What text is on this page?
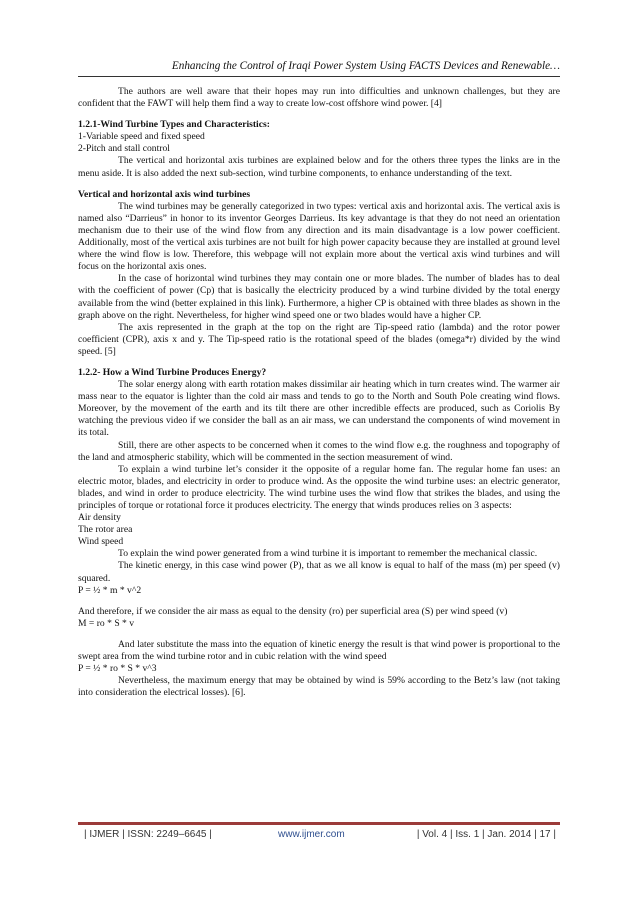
Enhancing the Control of Iraqi Power System Using FACTS Devices and Renewable…

The authors are well aware that their hopes may run into difficulties and unknown challenges, but they are confident that the FAWT will help them find a way to create low-cost offshore wind power. [4]

1.2.1-Wind Turbine Types and Characteristics:

1-Variable speed and fixed speed

2-Pitch and stall control

The vertical and horizontal axis turbines are explained below and for the others three types the links are in the menu aside. It is also added the next sub-section, wind turbine components, to enhance understanding of the text.

Vertical and horizontal axis wind turbines

The wind turbines may be generally categorized in two types: vertical axis and horizontal axis. The vertical axis is named also “Darrieus” in honor to its inventor Georges Darrieus. Its key advantage is that they do not need an orientation mechanism due to their use of the wind flow from any direction and its main disadvantage is a low power coefficient. Additionally, most of the vertical axis turbines are not built for high power capacity because they are installed at ground level where the wind flow is low. Therefore, this webpage will not explain more about the vertical axis wind turbines and will focus on the horizontal axis ones.

In the case of horizontal wind turbines they may contain one or more blades. The number of blades has to deal with the coefficient of power (Cp) that is basically the electricity produced by a wind turbine divided by the total energy available from the wind (better explained in this link). Furthermore, a higher CP is obtained with three blades as shown in the graph above on the right. Nevertheless, for higher wind speed one or two blades would have a higher CP.

The axis represented in the graph at the top on the right are Tip-speed ratio (lambda) and the rotor power coefficient (CPR), axis x and y. The Tip-speed ratio is the rotational speed of the blades (omega*r) divided by the wind speed. [5]

1.2.2- How a Wind Turbine Produces Energy?

The solar energy along with earth rotation makes dissimilar air heating which in turn creates wind. The warmer air mass near to the equator is lighter than the cold air mass and tends to go to the North and South Pole creating wind flows. Moreover, by the movement of the earth and its tilt there are other incredible effects are produced, such as Coriolis By watching the previous video if we consider the ball as an air mass, we can understand the components of wind movement in its total.

Still, there are other aspects to be concerned when it comes to the wind flow e.g. the roughness and topography of the land and atmospheric stability, which will be commented in the section measurement of wind.

To explain a wind turbine let’s consider it the opposite of a regular home fan. The regular home fan uses: an electric motor, blades, and electricity in order to produce wind. As the opposite the wind turbine uses: an electric generator, blades, and wind in order to produce electricity. The wind turbine uses the wind flow that strikes the blades, and using the principles of torque or rotational force it produces electricity. The energy that winds produces relies on 3 aspects:

Air density

The rotor area

Wind speed

To explain the wind power generated from a wind turbine it is important to remember the mechanical classic.

The kinetic energy, in this case wind power (P), that as we all know is equal to half of the mass (m) per speed (v) squared.

P = ½ * m * v^2

And therefore, if we consider the air mass as equal to the density (ro) per superficial area (S) per wind speed (v)

M = ro * S * v

And later substitute the mass into the equation of kinetic energy the result is that wind power is proportional to the swept area from the wind turbine rotor and in cubic relation with the wind speed

P = ½ * ro * S * v^3

Nevertheless, the maximum energy that may be obtained by wind is 59% according to the Betz’s law (not taking into consideration the electrical losses). [6].

| IJMER | ISSN: 2249–6645 |	www.ijmer.com	| Vol. 4 | Iss. 1 | Jan. 2014 | 17 |
